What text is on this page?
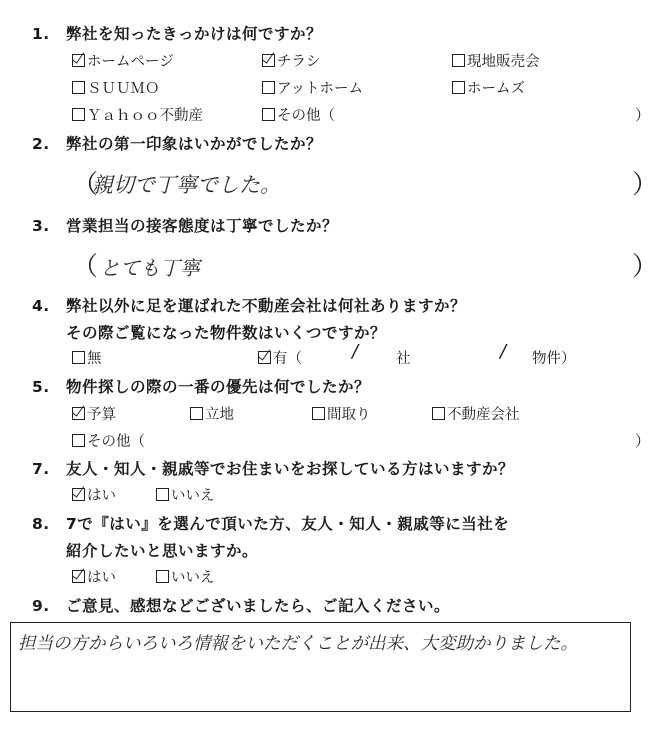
1. 弊社を知ったきっかけは何ですか？
ホームページ	チラシ	現地販売会
ＳＵＵＭＯ	アットホーム	ホームズ
Ｙａｈｏｏ不動産	その他（	）
2. 弊社の第一印象はいかがでしたか？
（
親切で丁寧でした。	）
3. 営業担当の接客態度は丁寧でしたか？
（ とても丁寧	）
4. 弊社以外に足を運ばれた不動産会社は何社ありますか？
その際ご覧になった物件数はいくつですか？
無	有（	/	社	/ 物件）
5. 物件探しの際の一番の優先は何でしたか？
予算	立地	間取り	不動産会社
その他（	）
7. 友人・知人・親戚等でお住まいをお探している方はいますか？
はい	いいえ
8. 7で『はい』を選んで頂いた方、友人・知人・親戚等に当社を
紹介したいと思いますか。
はい	いいえ
9. ご意見、感想などございましたら、ご記入ください。
担当の方からいろいろ情報をいただくことが出来、大変助かりました。
